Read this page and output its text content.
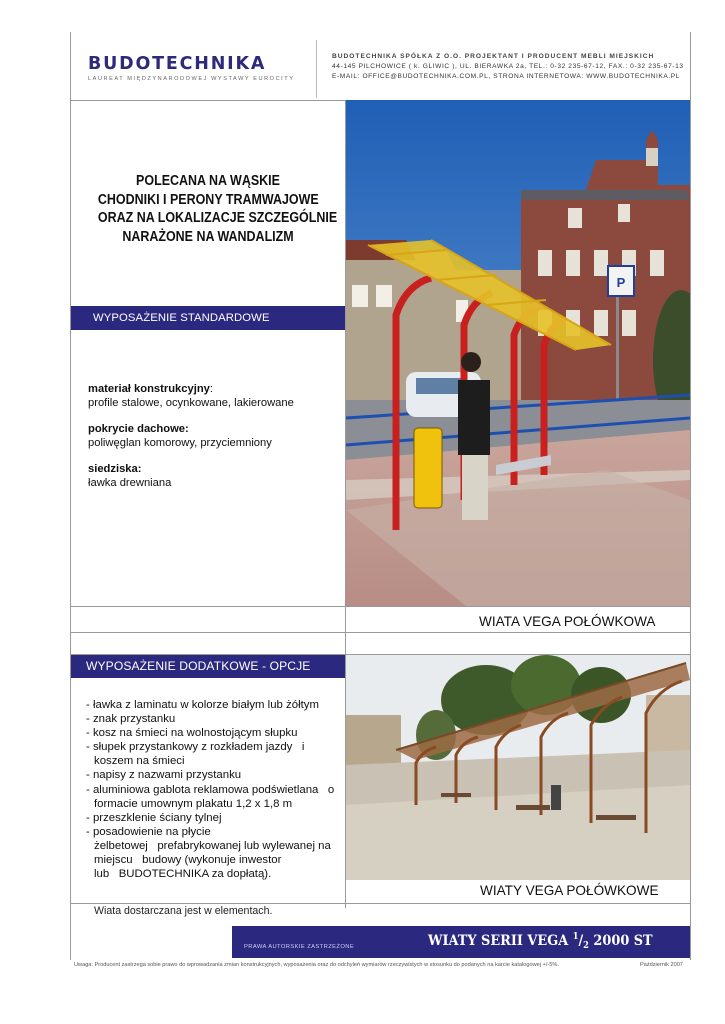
BUDOTECHNIKA
LAUREAT MIĘDZYNARODOWEJ WYSTAWY EUROCITY
BUDOTECHNIKA SPÓŁKA Z O.O. PROJEKTANT I PRODUCENT MEBLI MIEJSKICH
44-145 PILCHOWICE ( k. GLIWIC ), UL. BIERAWKA 2a, TEL.: 0-32 235-67-12, FAX.: 0-32 235-67-13
E-MAIL: OFFICE@BUDOTECHNIKA.COM.PL, STRONA INTERNETOWA: WWW.BUDOTECHNIKA.PL
POLECANA NA WĄSKIE
CHODNIKI I PERONY TRAMWAJOWE
ORAZ NA LOKALIZACJE SZCZEGÓLNIE
NARAŻONE NA WANDALIZM
WYPOSAŻENIE STANDARDOWE
materiał konstrukcyjny:
profile stalowe, ocynkowane, lakierowane
pokrycie dachowe:
poliwęglan komorowy, przyciemniony
siedziska:
ławka drewniana
P
WIATA VEGA POŁÓWKOWA
WYPOSAŻENIE DODATKOWE - OPCJE
- ławka z laminatu w kolorze białym lub żółtym
- znak przystanku
- kosz na śmieci na wolnostojącym słupku
- słupek przystankowy z rozkładem jazdy   i koszem na śmieci
- napisy z nazwami przystanku
- aluminiowa gablota reklamowa podświetlana   o formacie umownym plakatu 1,2 x 1,8 m
- przeszklenie ściany tylnej
- posadowienie na płycie żelbetowej   prefabrykowanej lub wylewanej na miejscu   budowy (wykonuje inwestor lub   BUDOTECHNIKA za dopłatą).
WIATY VEGA POŁÓWKOWE
Wiata dostarczana jest w elementach.
PRAWA AUTORSKIE ZASTRZEŻONE	WIATY SERII VEGA $^1/_2$ 2000 ST
Uwaga: Producent zastrzega sobie prawo do wprowadzania zmian konstrukcyjnych, wyposażenia oraz do odchyleń wymiarów rzeczywistych w stosunku do podanych na karcie katalogowej +/-5%.	Październik 2007
